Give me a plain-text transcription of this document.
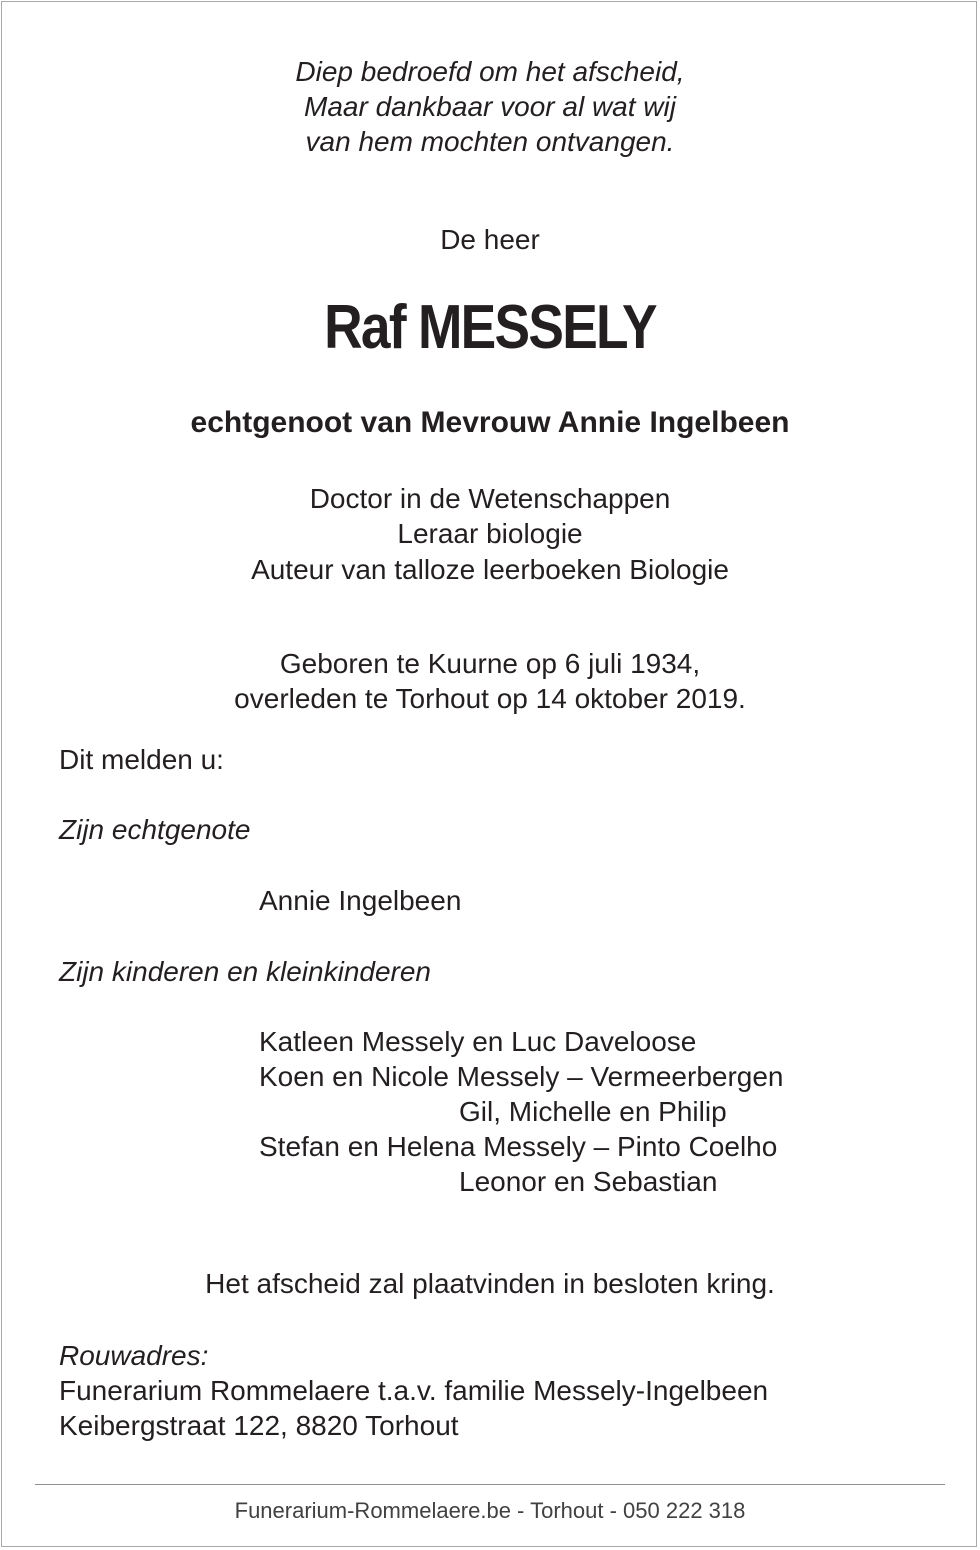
Diep bedroefd om het afscheid,
Maar dankbaar voor al wat wij
van hem mochten ontvangen.
De heer
Raf MESSELY
echtgenoot van Mevrouw Annie Ingelbeen
Doctor in de Wetenschappen
Leraar biologie
Auteur van talloze leerboeken Biologie
Geboren te Kuurne op 6 juli 1934,
overleden te Torhout op 14 oktober 2019.
Dit melden u:
Zijn echtgenote
Annie Ingelbeen
Zijn kinderen en kleinkinderen
Katleen Messely en Luc Daveloose
Koen en Nicole Messely – Vermeerbergen
Gil, Michelle en Philip
Stefan en Helena Messely – Pinto Coelho
Leonor en Sebastian
Het afscheid zal plaatvinden in besloten kring.
Rouwadres:
Funerarium Rommelaere t.a.v. familie Messely-Ingelbeen
Keibergstraat 122, 8820 Torhout
Funerarium-Rommelaere.be - Torhout - 050 222 318
